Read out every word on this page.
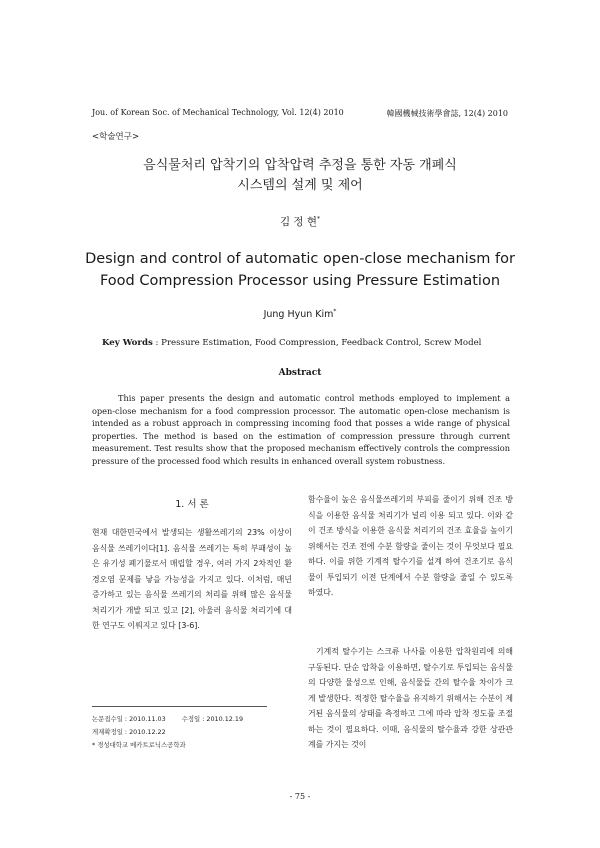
Jou. of Korean Soc. of Mechanical Technology, Vol. 12(4) 2010	韓國機械技術學會誌, 12(4) 2010
<학술연구>
음식물처리 압착기의 압착압력 추정을 통한 자동 개폐식
시스템의 설계 및 제어
김 정 현*
Design and control of automatic open-close mechanism for
Food Compression Processor using Pressure Estimation
Jung Hyun Kim*
Key Words : Pressure Estimation, Food Compression, Feedback Control, Screw Model
Abstract

This paper presents the design and automatic control methods employed to implement a open-close mechanism for a food compression processor. The automatic open-close mechanism is intended as a robust approach in compressing incoming food that posses a wide range of physical properties. The method is based on the estimation of compression pressure through current measurement. Test results show that the proposed mechanism effectively controls the compression pressure of the processed food which results in enhanced overall system robustness.

1. 서 론

현재 대한민국에서 발생되는 생활쓰레기의 23% 이상이 음식물 쓰레기이다[1]. 음식물 쓰레기는 특히 부패성이 높은 유기성 폐기물로서 매립할 경우, 여러 가지 2차적인 환경오염 문제를 낳을 가능성을 가지고 있다. 이처럼, 매년 증가하고 있는 음식물 쓰레기의 처리를 위해 많은 음식물 처리기가 개발 되고 있고 [2], 아울러 음식물 처리기에 대한 연구도 이뤄지고 있다 [3-6].

함수율이 높은 음식물쓰레기의 부피를 줄이기 위해 건조 방식을 이용한 음식물 처리기가 널리 이용 되고 있다. 이와 같이 건조 방식을 이용한 음식물 처리기의 건조 효율을 높이기 위해서는 건조 전에 수분 함량을 줄이는 것이 무엇보다 필요하다. 이를 위한 기계적 탈수기를 설계 하여 건조기로 음식물이 투입되기 이전 단계에서 수분 함량을 줄일 수 있도록 하였다.

기계적 탈수기는 스크류 나사를 이용한 압착원리에 의해 구동된다. 단순 압착을 이용하면, 탈수기로 투입되는 음식물의 다양한 물성으로 인해, 음식물들 간의 탈수율 차이가 크게 발생한다. 적정한 탈수율을 유지하기 위해서는 수분이 제거된 음식물의 상태를 측정하고 그에 따라 압착 정도를 조절하는 것이 필요하다. 이때, 음식물의 탈수율과 강한 상관관계를 가지는 것이

논문접수일 : 2010.11.03	수정일 : 2010.12.19
게재확정일 : 2010.12.22
* 경성대학교 메카트로닉스공학과
- 75 -
